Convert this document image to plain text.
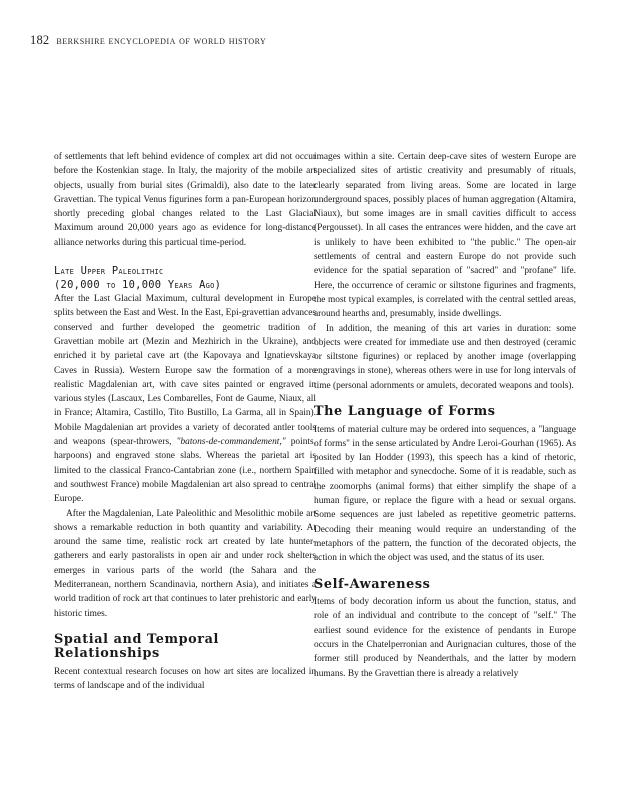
182 berkshire encyclopedia of world history

of settlements that left behind evidence of complex art did not occur before the Kostenkian stage. In Italy, the majority of the mobile art objects, usually from burial sites (Grimaldi), also date to the later Gravettian. The typical Venus figurines form a pan-European horizon shortly preceding global changes related to the Last Glacial Maximum around 20,000 years ago as evidence for long-distance alliance networks during this particual time-period.

Late Upper Paleolithic
(20,000 to 10,000 Years Ago)

After the Last Glacial Maximum, cultural development in Europe splits between the East and West. In the East, Epi-gravettian advances conserved and further developed the geometric tradition of Gravettian mobile art (Mezin and Mezhirich in the Ukraine), and enriched it by parietal cave art (the Kapovaya and Ignatievskaya Caves in Russia). Western Europe saw the formation of a more realistic Magdalenian art, with cave sites painted or engraved in various styles (Lascaux, Les Combarelles, Font de Gaume, Niaux, all in France; Altamira, Castillo, Tito Bustillo, La Garma, all in Spain). Mobile Magdalenian art provides a variety of decorated antler tools and weapons (spear-throwers, "batons-de-commandement," points, harpoons) and engraved stone slabs. Whereas the parietal art is limited to the classical Franco-Cantabrian zone (i.e., northern Spain and southwest France) mobile Magdalenian art also spread to central Europe.

After the Magdalenian, Late Paleolithic and Mesolithic mobile art shows a remarkable reduction in both quantity and variability. At around the same time, realistic rock art created by late hunter-gatherers and early pastoralists in open air and under rock shelters emerges in various parts of the world (the Sahara and the Mediterranean, northern Scandinavia, northern Asia), and initiates a world tradition of rock art that continues to later prehistoric and early historic times.

Spatial and Temporal
Relationships

Recent contextual research focuses on how art sites are localized in terms of landscape and of the individual

images within a site. Certain deep-cave sites of western Europe are specialized sites of artistic creativity and presumably of rituals, clearly separated from living areas. Some are located in large underground spaces, possibly places of human aggregation (Altamira, Niaux), but some images are in small cavities difficult to access (Pergousset). In all cases the entrances were hidden, and the cave art is unlikely to have been exhibited to "the public." The open-air settlements of central and eastern Europe do not provide such evidence for the spatial separation of "sacred" and "profane" life. Here, the occurrence of ceramic or siltstone figurines and fragments, the most typical examples, is correlated with the central settled areas, around hearths and, presumably, inside dwellings.

In addition, the meaning of this art varies in duration: some objects were created for immediate use and then destroyed (ceramic or siltstone figurines) or replaced by another image (overlapping engravings in stone), whereas others were in use for long intervals of time (personal adornments or amulets, decorated weapons and tools).

The Language of Forms

Items of material culture may be ordered into sequences, a "language of forms" in the sense articulated by Andre Leroi-Gourhan (1965). As posited by Ian Hodder (1993), this speech has a kind of rhetoric, filled with metaphor and synecdoche. Some of it is readable, such as the zoomorphs (animal forms) that either simplify the shape of a human figure, or replace the figure with a head or sexual organs. Some sequences are just labeled as repetitive geometric patterns. Decoding their meaning would require an understanding of the metaphors of the pattern, the function of the decorated objects, the action in which the object was used, and the status of its user.

Self-Awareness

Items of body decoration inform us about the function, status, and role of an individual and contribute to the concept of "self." The earliest sound evidence for the existence of pendants in Europe occurs in the Chatelperronian and Aurignacian cultures, those of the former still produced by Neanderthals, and the latter by modern humans. By the Gravettian there is already a relatively
